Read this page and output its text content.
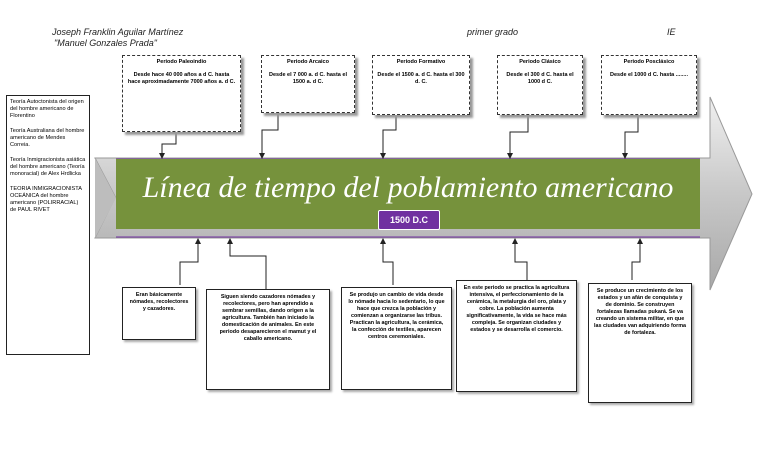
Joseph Franklin Aguilar Martínez
"Manuel Gonzales Prada"
primer grado	IE

Teoría Autoctonista del origen del hombre americano de Florentino

Teoría Australiana del hombre americano de Mendes Correia.

Teoría Inmigracionista asiática del hombre americano (Teoría monoracial) de Alex Hrdlicka

TEORIA INMIGRACIONISTA OCEÁNICA del hombre americano (POLIRRACIAL) de PAUL RIVET

Periodo Paleoindio
Desde hace 40 000 años a d C. hasta hace aproximadamente 7000 años a. d C.
Periodo Arcaico
Desde el 7 000 a. d C. hasta el 1500 a. d C.
Periodo Formativo
Desde el 1500 a. d C. hasta el 300 d. C.
Periodo Clásico
Desde el 300 d C. hasta el 1000 d C.
Periodo Posclásico
Desde el 1000 d C. hasta ........
Línea de tiempo del poblamiento americano
1500 D.C
Eran básicamente nómades, recolectores y cazadores.
Siguen siendo cazadores nómades y recolectores, pero han aprendido a sembrar semillas, dando origen a la agricultura. También han iniciado la domesticación de animales. En este periodo desaparecieron el mamut y el caballo americano.
Se produjo un cambio de vida desde lo nómade hacia lo sedentario, lo que hace que crezca la población y comienzan a organizarse las tribus. Practican la agricultura, la cerámica, la confección de textiles, aparecen centros ceremoniales.
En este periodo se practica la agricultura intensiva, el perfeccionamiento de la cerámica, la metalurgia del oro, plata y cobre. La población aumenta significativamente, la vida se hace más compleja. Se organizan ciudades y estados y se desarrolla el comercio.
Se produce un crecimiento de los estados y un afán de conquista y de dominio. Se construyen fortalezas llamadas pukará. Se va creando un sistema militar, en que las ciudades van adquiriendo forma de fortaleza.
